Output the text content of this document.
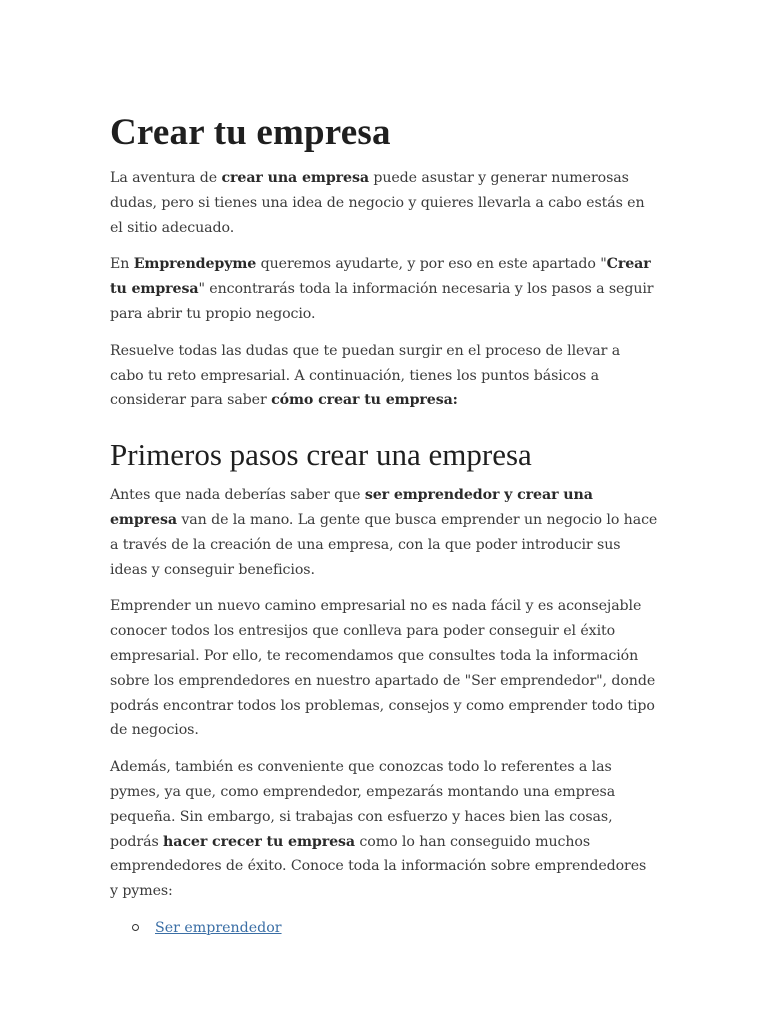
Crear tu empresa

La aventura de crear una empresa puede asustar y generar numerosas dudas, pero si tienes una idea de negocio y quieres llevarla a cabo estás en el sitio adecuado.

En Emprendepyme queremos ayudarte, y por eso en este apartado "Crear tu empresa" encontrarás toda la información necesaria y los pasos a seguir para abrir tu propio negocio.

Resuelve todas las dudas que te puedan surgir en el proceso de llevar a cabo tu reto empresarial. A continuación, tienes los puntos básicos a considerar para saber cómo crear tu empresa:

Primeros pasos crear una empresa

Antes que nada deberías saber que ser emprendedor y crear una empresa van de la mano. La gente que busca emprender un negocio lo hace a través de la creación de una empresa, con la que poder introducir sus ideas y conseguir beneficios.

Emprender un nuevo camino empresarial no es nada fácil y es aconsejable conocer todos los entresijos que conlleva para poder conseguir el éxito empresarial. Por ello, te recomendamos que consultes toda la información sobre los emprendedores en nuestro apartado de "Ser emprendedor", donde podrás encontrar todos los problemas, consejos y como emprender todo tipo de negocios.

Además, también es conveniente que conozcas todo lo referentes a las pymes, ya que, como emprendedor, empezarás montando una empresa pequeña. Sin embargo, si trabajas con esfuerzo y haces bien las cosas, podrás hacer crecer tu empresa como lo han conseguido muchos emprendedores de éxito. Conoce toda la información sobre emprendedores y pymes:

Ser emprendedor
